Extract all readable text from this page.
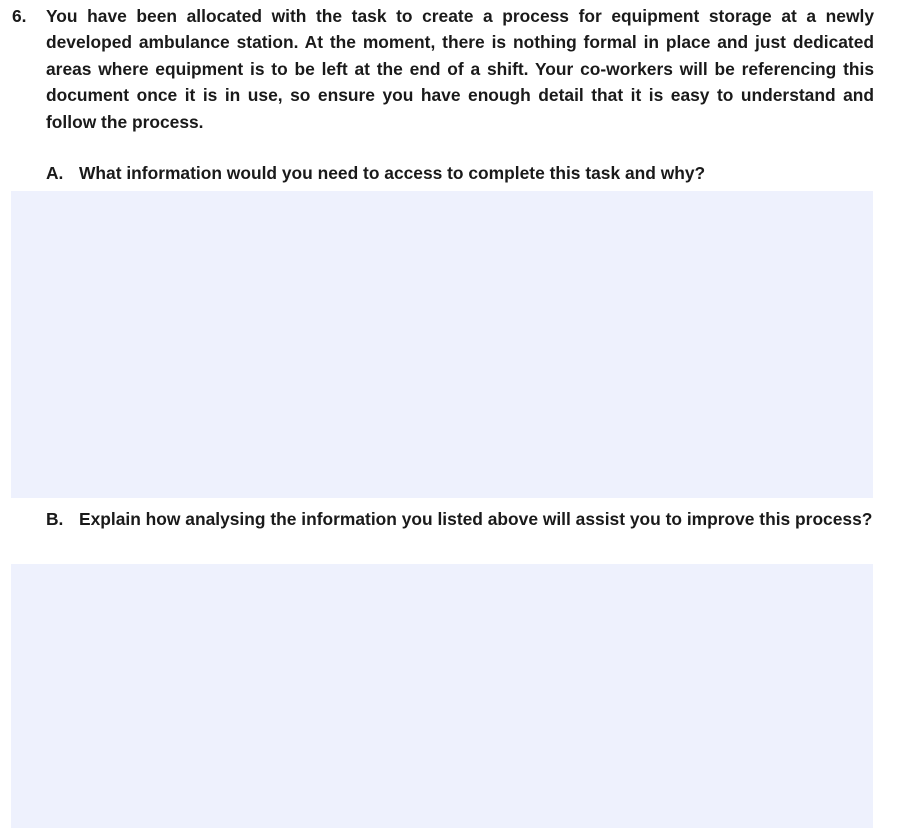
6.	You have been allocated with the task to create a process for equipment storage at a newly developed ambulance station. At the moment, there is nothing formal in place and just dedicated areas where equipment is to be left at the end of a shift. Your co-workers will be referencing this document once it is in use, so ensure you have enough detail that it is easy to understand and follow the process.
A. What information would you need to access to complete this task and why?
B. Explain how analysing the information you listed above will assist you to improve this process?
